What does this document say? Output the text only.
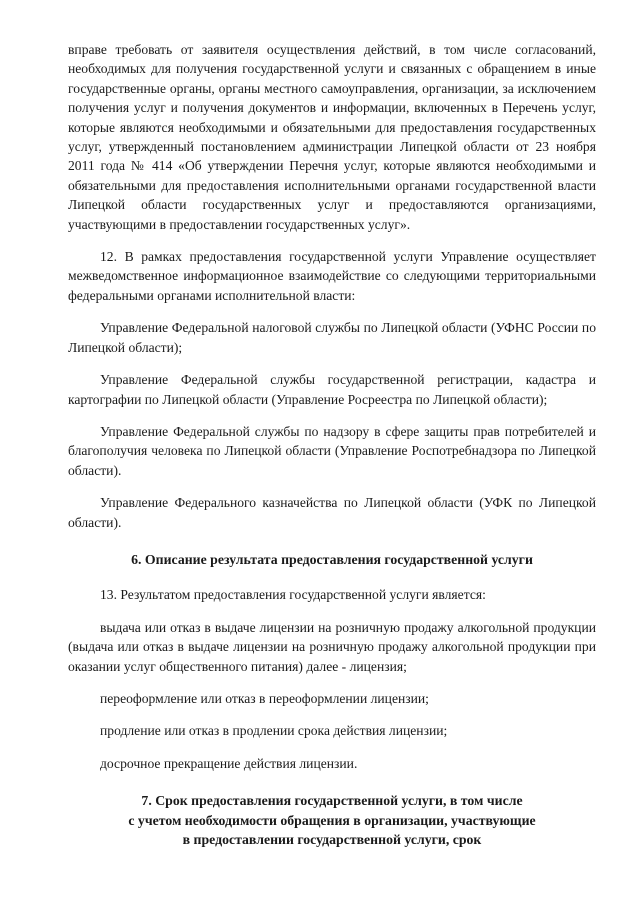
вправе требовать от заявителя осуществления действий, в том числе согласований, необходимых для получения государственной услуги и связанных с обращением в иные государственные органы, органы местного самоуправления, организации, за исключением получения услуг и получения документов и информации, включенных в Перечень услуг, которые являются необходимыми и обязательными для предоставления государственных услуг, утвержденный постановлением администрации Липецкой области от 23 ноября 2011 года № 414 «Об утверждении Перечня услуг, которые являются необходимыми и обязательными для предоставления исполнительными органами государственной власти Липецкой области государственных услуг и предоставляются организациями, участвующими в предоставлении государственных услуг».

12. В рамках предоставления государственной услуги Управление осуществляет межведомственное информационное взаимодействие со следующими территориальными федеральными органами исполнительной власти:

Управление Федеральной налоговой службы по Липецкой области (УФНС России по Липецкой области);

Управление Федеральной службы государственной регистрации, кадастра и картографии по Липецкой области (Управление Росреестра по Липецкой области);

Управление Федеральной службы по надзору в сфере защиты прав потребителей и благополучия человека по Липецкой области (Управление Роспотребнадзора по Липецкой области).

Управление Федерального казначейства по Липецкой области (УФК по Липецкой области).

6. Описание результата предоставления государственной услуги

13. Результатом предоставления государственной услуги является:

выдача или отказ в выдаче лицензии на розничную продажу алкогольной продукции (выдача или отказ в выдаче лицензии на розничную продажу алкогольной продукции при оказании услуг общественного питания) далее - лицензия;

переоформление или отказ в переоформлении лицензии;

продление или отказ в продлении срока действия лицензии;

досрочное прекращение действия лицензии.

7. Срок предоставления государственной услуги, в том числе

с учетом необходимости обращения в организации, участвующие

в предоставлении государственной услуги, срок
